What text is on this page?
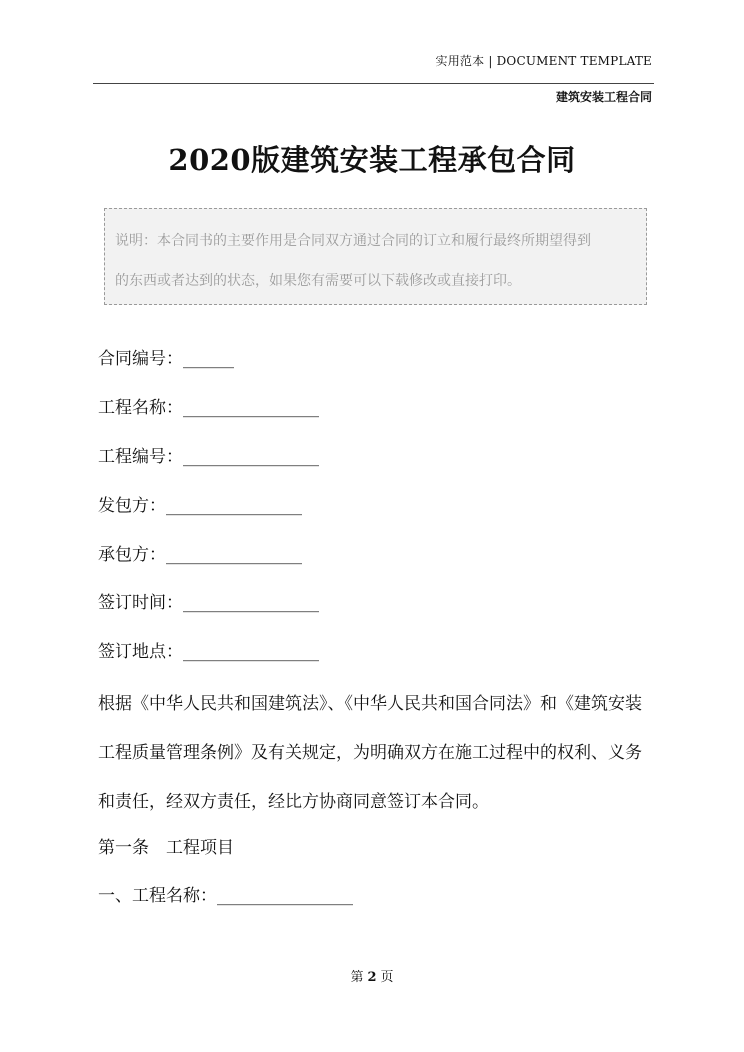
实用范本 | DOCUMENT TEMPLATE
建筑安装工程合同
2020版建筑安装工程承包合同

说明：本合同书的主要作用是合同双方通过合同的订立和履行最终所期望得到

的东西或者达到的状态，如果您有需要可以下载修改或直接打印。

合同编号：______
工程名称：________________
工程编号：________________
发包方：________________
承包方：________________
签订时间：________________
签订地点：________________

根据《中华人民共和国建筑法》、《中华人民共和国合同法》和《建筑安装工程质量管理条例》及有关规定，为明确双方在施工过程中的权利、义务和责任，经双方责任，经比方协商同意签订本合同。

第一条　工程项目
一、工程名称：________________
第 2 页
